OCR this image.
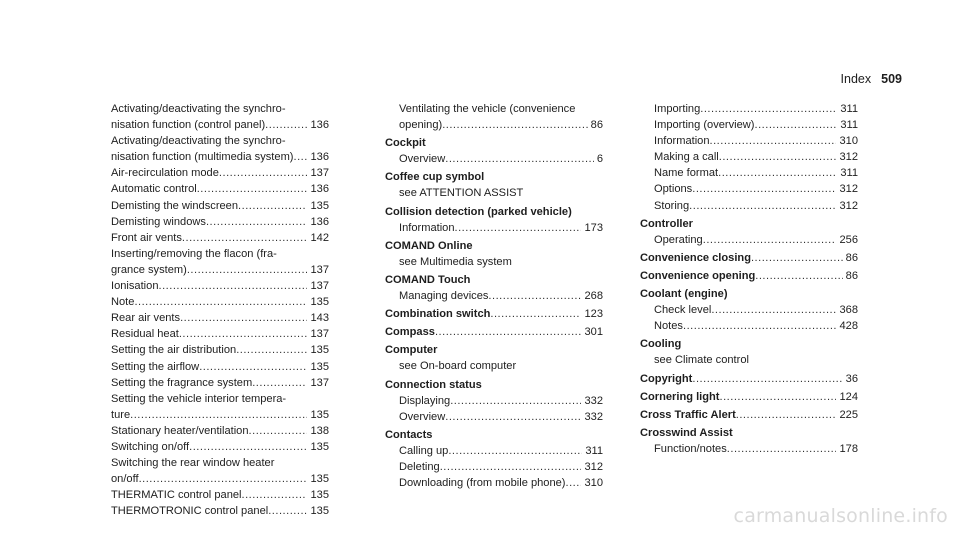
Index 509
Activating/deactivating the synchro-
nisation function (control panel) .....	136
Activating/deactivating the synchro-
nisation function (multimedia system) ..... 136
Air-recirculation mode .....	137
Automatic control .....	136
Demisting the windscreen .....	135
Demisting windows .....	136
Front air vents .....	142
Inserting/removing the flacon (fra-
grance system) .....	137
Ionisation .....	137
Note .....	135
Rear air vents .....	143
Residual heat .....	137
Setting the air distribution .....	135
Setting the airflow .....	135
Setting the fragrance system .....	137
Setting the vehicle interior tempera-
ture .....	135
Stationary heater/ventilation .....	138
Switching on/off .....	135
Switching the rear window heater
on/off .....	135
THERMATIC control panel .....	135
THERMOTRONIC control panel .....	135
Ventilating the vehicle (convenience
opening) .....	86
Cockpit
Overview .....	6
Coffee cup symbol
see ATTENTION ASSIST
Collision detection (parked vehicle)
Information .....	173
COMAND Online
see Multimedia system
COMAND Touch
Managing devices .....	268
Combination switch .....	123
Compass .....	301
Computer
see On-board computer
Connection status
Displaying .....	332
Overview .....	332
Contacts
Calling up .....	311
Deleting .....	312
Downloading (from mobile phone) ..... 310
Importing .....	311
Importing (overview) .....	311
Information .....	310
Making a call .....	312
Name format .....	311
Options .....	312
Storing .....	312
Controller
Operating .....	256
Convenience closing .....	86
Convenience opening .....	86
Coolant (engine)
Check level .....	368
Notes .....	428
Cooling
see Climate control
Copyright .....	36
Cornering light .....	124
Cross Traffic Alert .....	225
Crosswind Assist
Function/notes .....	178
carmanualsonline.info
